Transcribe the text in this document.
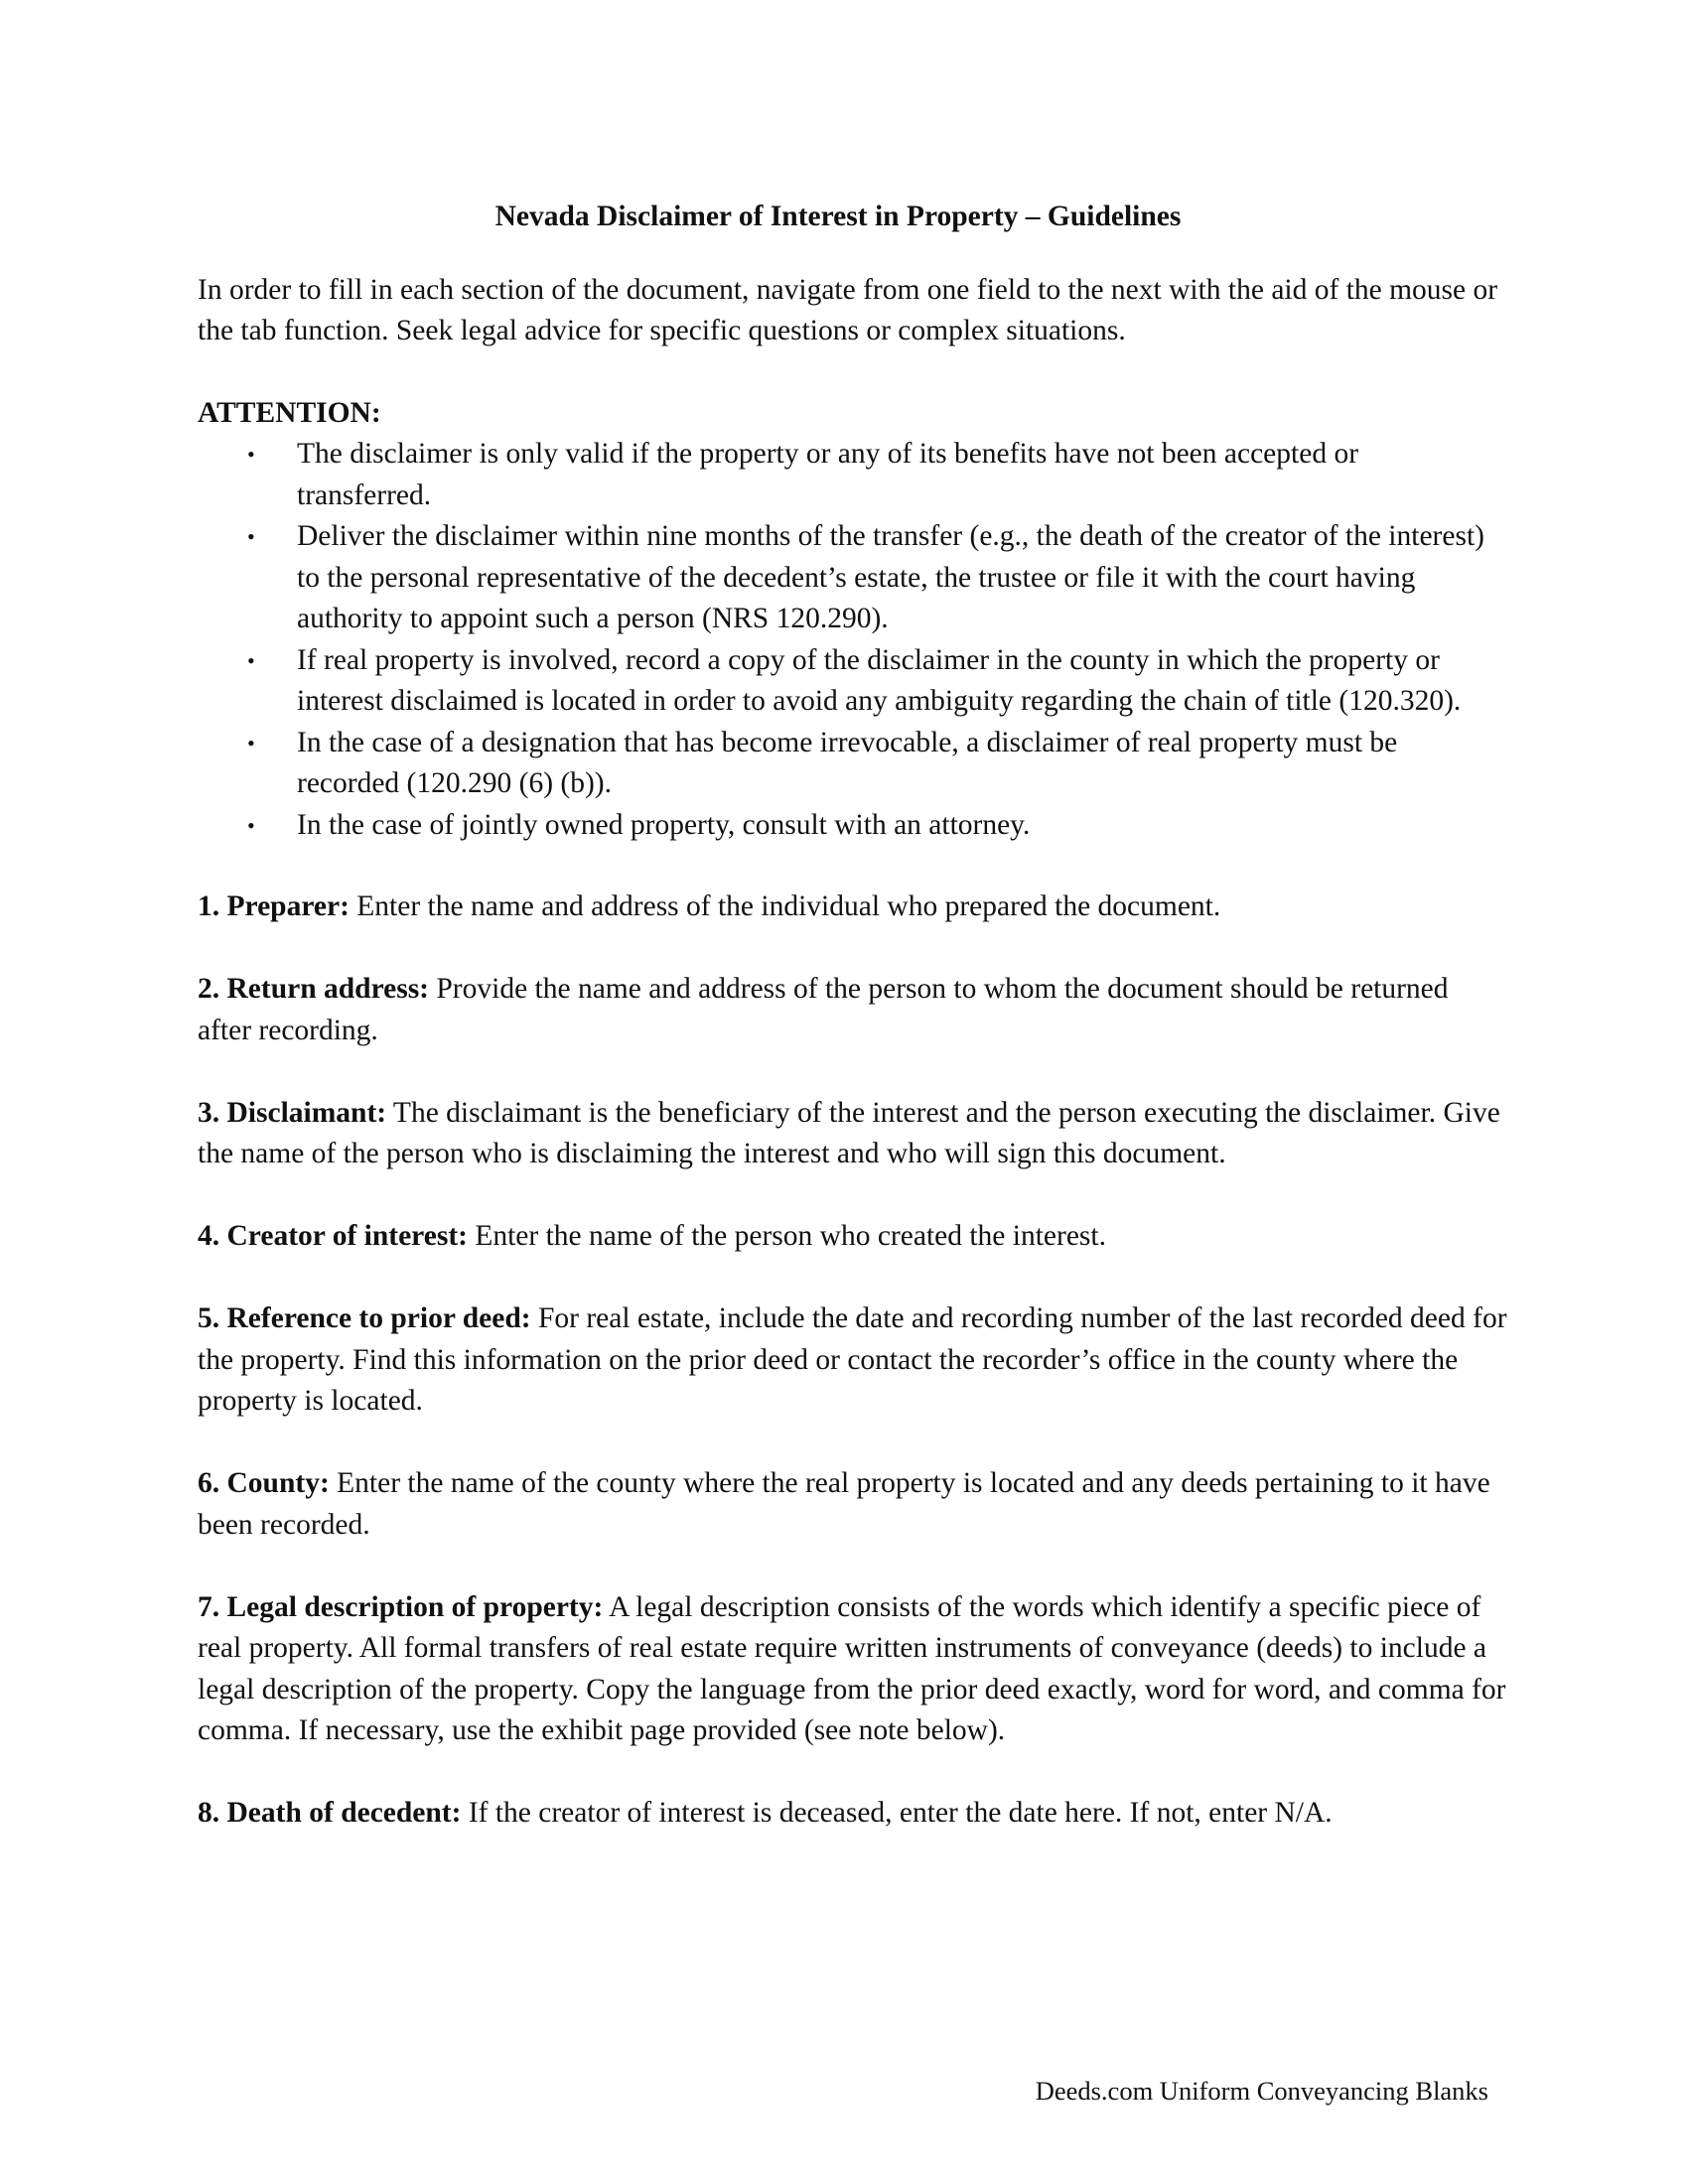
Nevada Disclaimer of Interest in Property – Guidelines
In order to fill in each section of the document, navigate from one field to the next with the aid of the mouse or the tab function. Seek legal advice for specific questions or complex situations.
ATTENTION:
• The disclaimer is only valid if the property or any of its benefits have not been accepted or transferred.
• Deliver the disclaimer within nine months of the transfer (e.g., the death of the creator of the interest) to the personal representative of the decedent’s estate, the trustee or file it with the court having authority to appoint such a person (NRS 120.290).
• If real property is involved, record a copy of the disclaimer in the county in which the property or interest disclaimed is located in order to avoid any ambiguity regarding the chain of title (120.320).
• In the case of a designation that has become irrevocable, a disclaimer of real property must be recorded (120.290 (6) (b)).
• In the case of jointly owned property, consult with an attorney.
1. Preparer: Enter the name and address of the individual who prepared the document.
2. Return address: Provide the name and address of the person to whom the document should be returned after recording.
3. Disclaimant: The disclaimant is the beneficiary of the interest and the person executing the disclaimer. Give the name of the person who is disclaiming the interest and who will sign this document.
4. Creator of interest: Enter the name of the person who created the interest.
5. Reference to prior deed: For real estate, include the date and recording number of the last recorded deed for the property. Find this information on the prior deed or contact the recorder’s office in the county where the property is located.
6. County: Enter the name of the county where the real property is located and any deeds pertaining to it have been recorded.
7. Legal description of property: A legal description consists of the words which identify a specific piece of real property. All formal transfers of real estate require written instruments of conveyance (deeds) to include a legal description of the property. Copy the language from the prior deed exactly, word for word, and comma for comma. If necessary, use the exhibit page provided (see note below).
8. Death of decedent: If the creator of interest is deceased, enter the date here. If not, enter N/A.
Deeds.com Uniform Conveyancing Blanks
